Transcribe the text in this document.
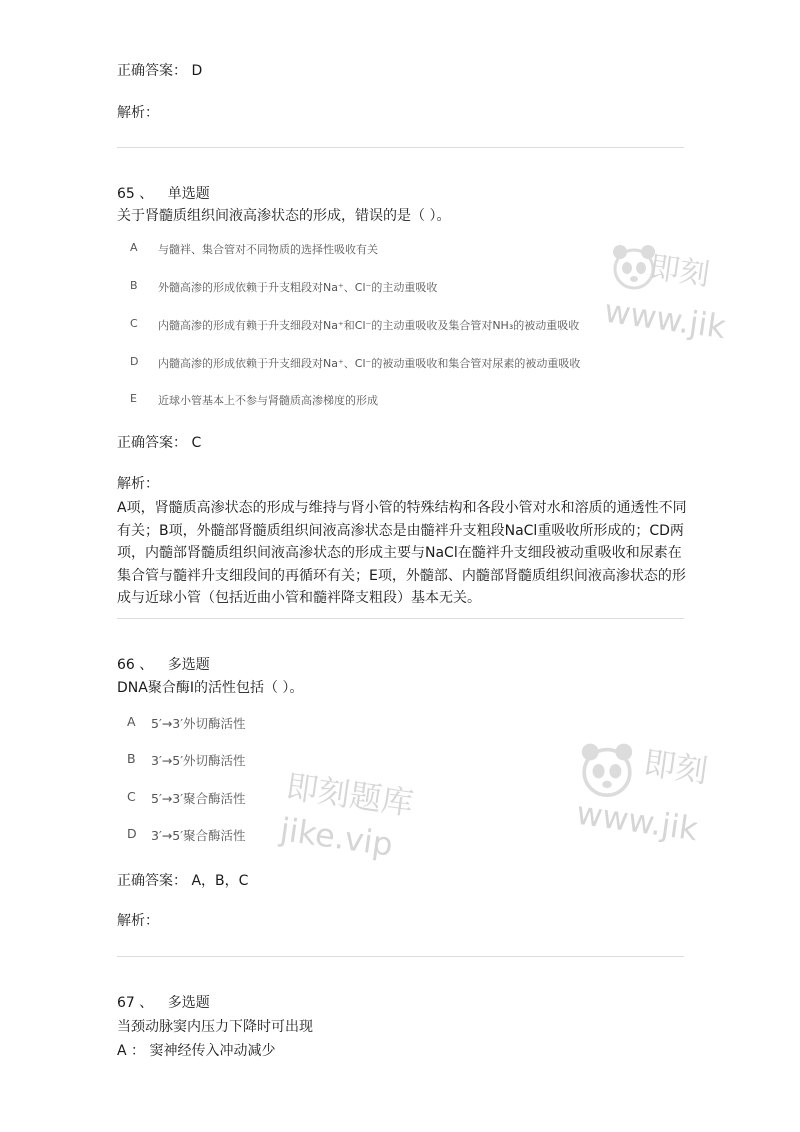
正确答案： D
解析：
65 、 单选题
关于肾髓质组织间液高渗状态的形成，错误的是（ ）。
A	与髓袢、集合管对不同物质的选择性吸收有关
B	外髓高渗的形成依赖于升支粗段对Na⁺、Cl⁻的主动重吸收
C	内髓高渗的形成有赖于升支细段对Na⁺和Cl⁻的主动重吸收及集合管对NH₃的被动重吸收
D	内髓高渗的形成依赖于升支细段对Na⁺、Cl⁻的被动重吸收和集合管对尿素的被动重吸收
E	近球小管基本上不参与肾髓质高渗梯度的形成
即刻
www.jik
正确答案： C
解析：
A项，肾髓质高渗状态的形成与维持与肾小管的特殊结构和各段小管对水和溶质的通透性不同有关；B项，外髓部肾髓质组织间液高渗状态是由髓袢升支粗段NaCl重吸收所形成的；CD两项，内髓部肾髓质组织间液高渗状态的形成主要与NaCl在髓袢升支细段被动重吸收和尿素在集合管与髓袢升支细段间的再循环有关；E项，外髓部、内髓部肾髓质组织间液高渗状态的形成与近球小管（包括近曲小管和髓袢降支粗段）基本无关。
66 、 多选题
DNA聚合酶I的活性包括（ ）。
A	5′→3′外切酶活性
B	3′→5′外切酶活性
C	5′→3′聚合酶活性
D	3′→5′聚合酶活性
即刻题库
jike.vip
即刻
www.jik
正确答案： A，B，C
解析：
67 、 多选题
当颈动脉窦内压力下降时可出现
A ： 窦神经传入冲动减少
